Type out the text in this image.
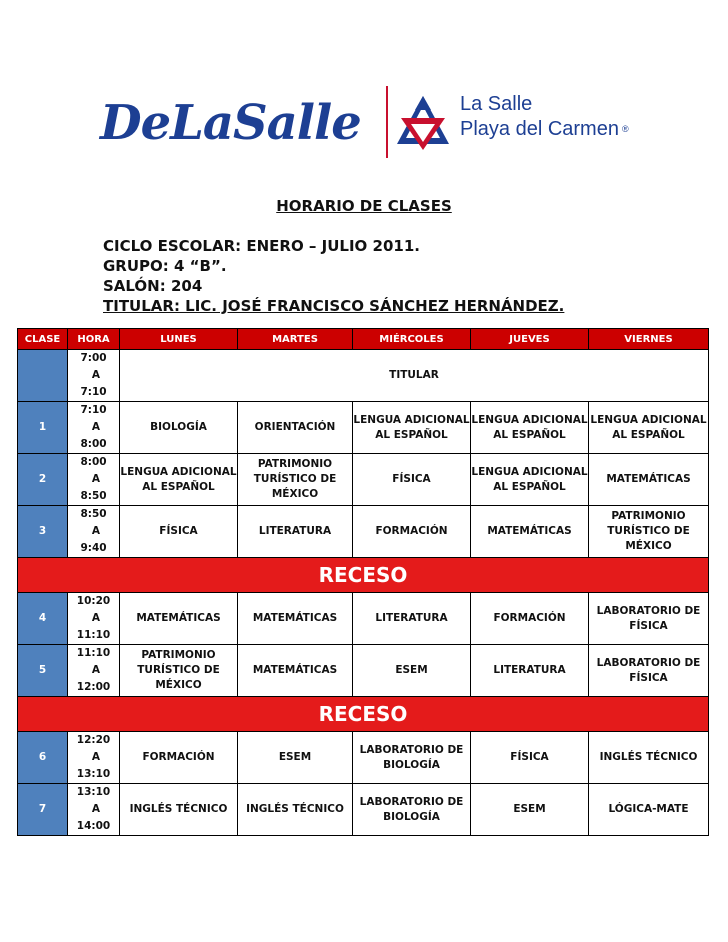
DeLaSalle	La Salle
Playa del Carmen ®
HORARIO DE CLASES
CICLO ESCOLAR: ENERO – JULIO 2011.
GRUPO: 4 “B”.
SALÓN: 204
TITULAR: LIC. JOSÉ FRANCISCO SÁNCHEZ HERNÁNDEZ.
CLASE	HORA	LUNES	MARTES	MIÉRCOLES	JUEVES	VIERNES

	7:00
A
7:10	TITULAR				
1	7:10
A
8:00	BIOLOGÍA	ORIENTACIÓN	LENGUA ADICIONAL AL ESPAÑOL	LENGUA ADICIONAL AL ESPAÑOL	LENGUA ADICIONAL AL ESPAÑOL
2	8:00
A
8:50	LENGUA ADICIONAL AL ESPAÑOL	PATRIMONIO TURÍSTICO DE MÉXICO	FÍSICA	LENGUA ADICIONAL AL ESPAÑOL	MATEMÁTICAS
3	8:50
A
9:40	FÍSICA	LITERATURA	FORMACIÓN	MATEMÁTICAS	PATRIMONIO TURÍSTICO DE MÉXICO
RECESO						
4	10:20
A
11:10	MATEMÁTICAS	MATEMÁTICAS	LITERATURA	FORMACIÓN	LABORATORIO DE FÍSICA
5	11:10
A
12:00	PATRIMONIO TURÍSTICO DE MÉXICO	MATEMÁTICAS	ESEM	LITERATURA	LABORATORIO DE FÍSICA
RECESO						
6	12:20
A
13:10	FORMACIÓN	ESEM	LABORATORIO DE BIOLOGÍA	FÍSICA	INGLÉS TÉCNICO
7	13:10
A
14:00	INGLÉS TÉCNICO	INGLÉS TÉCNICO	LABORATORIO DE BIOLOGÍA	ESEM	LÓGICA-MATE
